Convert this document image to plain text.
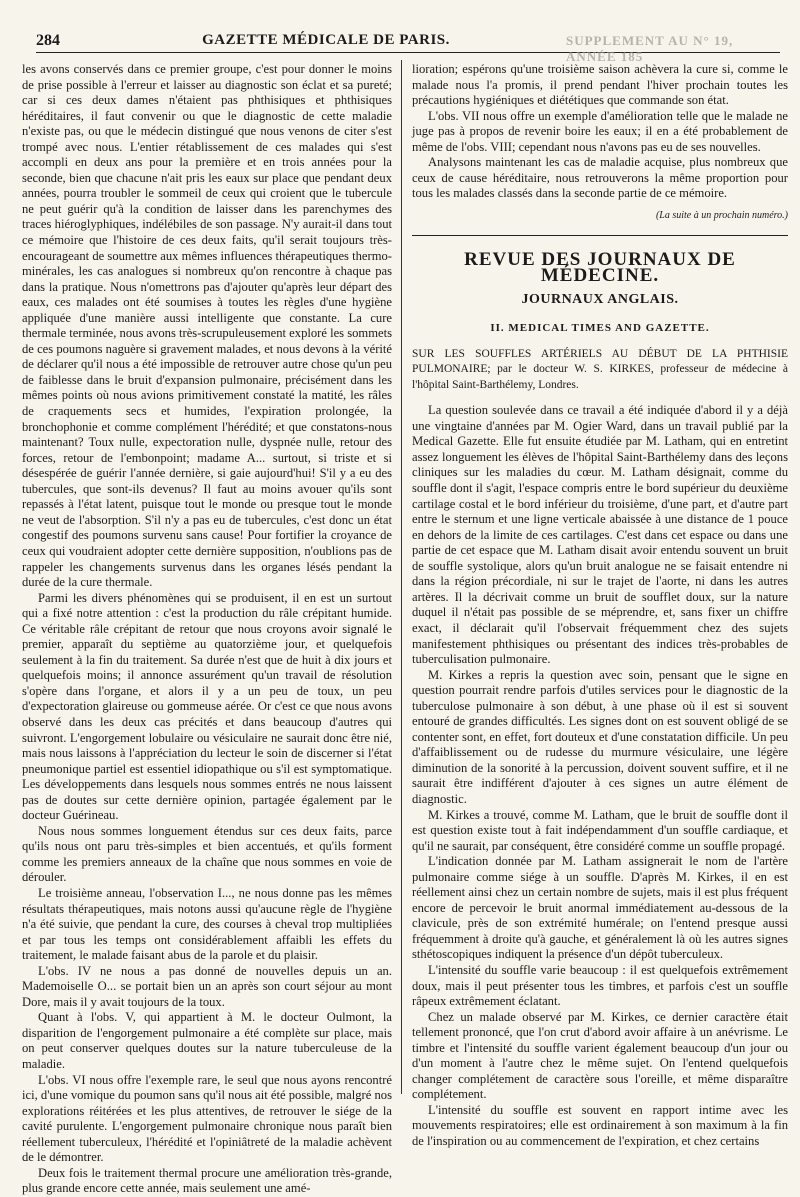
284	GAZETTE MÉDICALE DE PARIS.	SUPPLEMENT AU N° 19, ANNÉE 185

les avons conservés dans ce premier groupe, c'est pour donner le moins de prise possible à l'erreur et laisser au diagnostic son éclat et sa pureté; car si ces deux dames n'étaient pas phthisiques et phthisiques héréditaires, il faut convenir ou que le diagnostic de cette maladie n'existe pas, ou que le médecin distingué que nous venons de citer s'est trompé avec nous. L'entier rétablissement de ces malades qui s'est accompli en deux ans pour la première et en trois années pour la seconde, bien que chacune n'ait pris les eaux sur place que pendant deux années, pourra troubler le sommeil de ceux qui croient que le tubercule ne peut guérir qu'à la condition de laisser dans les parenchymes des traces hiéroglyphiques, indélébiles de son passage. N'y aurait-il dans tout ce mémoire que l'histoire de ces deux faits, qu'il serait toujours très-encourageant de soumettre aux mêmes influences thérapeutiques thermo-minérales, les cas analogues si nombreux qu'on rencontre à chaque pas dans la pratique. Nous n'omettrons pas d'ajouter qu'après leur départ des eaux, ces malades ont été soumises à toutes les règles d'une hygiène appliquée d'une manière aussi intelligente que constante. La cure thermale terminée, nous avons très-scrupuleusement exploré les sommets de ces poumons naguère si gravement malades, et nous devons à la vérité de déclarer qu'il nous a été impossible de retrouver autre chose qu'un peu de faiblesse dans le bruit d'expansion pulmonaire, précisément dans les mêmes points où nous avions primitivement constaté la matité, les râles de craquements secs et humides, l'expiration prolongée, la bronchophonie et comme complément l'hérédité; et que constatons-nous maintenant? Toux nulle, expectoration nulle, dyspnée nulle, retour des forces, retour de l'embonpoint; madame A... surtout, si triste et si désespérée de guérir l'année dernière, si gaie aujourd'hui! S'il y a eu des tubercules, que sont-ils devenus? Il faut au moins avouer qu'ils sont repassés à l'état latent, puisque tout le monde ou presque tout le monde ne veut de l'absorption. S'il n'y a pas eu de tubercules, c'est donc un état congestif des poumons survenu sans cause! Pour fortifier la croyance de ceux qui voudraient adopter cette dernière supposition, n'oublions pas de rappeler les changements survenus dans les organes lésés pendant la durée de la cure thermale.

Parmi les divers phénomènes qui se produisent, il en est un surtout qui a fixé notre attention : c'est la production du râle crépitant humide. Ce véritable râle crépitant de retour que nous croyons avoir signalé le premier, apparaît du septième au quatorzième jour, et quelquefois seulement à la fin du traitement. Sa durée n'est que de huit à dix jours et quelquefois moins; il annonce assurément qu'un travail de résolution s'opère dans l'organe, et alors il y a un peu de toux, un peu d'expectoration glaireuse ou gommeuse aérée. Or c'est ce que nous avons observé dans les deux cas précités et dans beaucoup d'autres qui suivront. L'engorgement lobulaire ou vésiculaire ne saurait donc être nié, mais nous laissons à l'appréciation du lecteur le soin de discerner si l'état pneumonique partiel est essentiel idiopathique ou s'il est symptomatique. Les développements dans lesquels nous sommes entrés ne nous laissent pas de doutes sur cette dernière opinion, partagée également par le docteur Guérineau.

Nous nous sommes longuement étendus sur ces deux faits, parce qu'ils nous ont paru très-simples et bien accentués, et qu'ils forment comme les premiers anneaux de la chaîne que nous sommes en voie de dérouler.

Le troisième anneau, l'observation I..., ne nous donne pas les mêmes résultats thérapeutiques, mais notons aussi qu'aucune règle de l'hygiène n'a été suivie, que pendant la cure, des courses à cheval trop multipliées et par tous les temps ont considérablement affaibli les effets du traitement, le malade faisant abus de la parole et du plaisir.

L'obs. IV ne nous a pas donné de nouvelles depuis un an. Mademoiselle O... se portait bien un an après son court séjour au mont Dore, mais il y avait toujours de la toux.

Quant à l'obs. V, qui appartient à M. le docteur Oulmont, la disparition de l'engorgement pulmonaire a été complète sur place, mais on peut conserver quelques doutes sur la nature tuberculeuse de la maladie.

L'obs. VI nous offre l'exemple rare, le seul que nous ayons rencontré ici, d'une vomique du poumon sans qu'il nous ait été possible, malgré nos explorations réitérées et les plus attentives, de retrouver le siége de la cavité purulente. L'engorgement pulmonaire chronique nous paraît bien réellement tuberculeux, l'hérédité et l'opiniâtreté de la maladie achèvent de le démontrer.

Deux fois le traitement thermal procure une amélioration très-grande, plus grande encore cette année, mais seulement une amé-

lioration; espérons qu'une troisième saison achèvera la cure si, comme le malade nous l'a promis, il prend pendant l'hiver prochain toutes les précautions hygiéniques et diététiques que commande son état.

L'obs. VII nous offre un exemple d'amélioration telle que le malade ne juge pas à propos de revenir boire les eaux; il en a été probablement de même de l'obs. VIII; cependant nous n'avons pas eu de ses nouvelles.

Analysons maintenant les cas de maladie acquise, plus nombreux que ceux de cause héréditaire, nous retrouverons la même proportion pour tous les malades classés dans la seconde partie de ce mémoire.

(La suite à un prochain numéro.)

REVUE DES JOURNAUX DE MÉDECINE.
JOURNAUX ANGLAIS.
II. MEDICAL TIMES AND GAZETTE.

SUR LES SOUFFLES ARTÉRIELS AU DÉBUT DE LA PHTHISIE PULMONAIRE; par le docteur W. S. KIRKES, professeur de médecine à l'hôpital Saint-Barthélemy, Londres.

La question soulevée dans ce travail a été indiquée d'abord il y a déjà une vingtaine d'années par M. Ogier Ward, dans un travail publié par la Medical Gazette. Elle fut ensuite étudiée par M. Latham, qui en entretint assez longuement les élèves de l'hôpital Saint-Barthélemy dans des leçons cliniques sur les maladies du cœur. M. Latham désignait, comme du souffle dont il s'agit, l'espace compris entre le bord supérieur du deuxième cartilage costal et le bord inférieur du troisième, d'une part, et d'autre part entre le sternum et une ligne verticale abaissée à une distance de 1 pouce en dehors de la limite de ces cartilages. C'est dans cet espace ou dans une partie de cet espace que M. Latham disait avoir entendu souvent un bruit de souffle systolique, alors qu'un bruit analogue ne se faisait entendre ni dans la région précordiale, ni sur le trajet de l'aorte, ni dans les autres artères. Il la décrivait comme un bruit de soufflet doux, sur la nature duquel il n'était pas possible de se méprendre, et, sans fixer un chiffre exact, il déclarait qu'il l'observait fréquemment chez des sujets manifestement phthisiques ou présentant des indices très-probables de tuberculisation pulmonaire.

M. Kirkes a repris la question avec soin, pensant que le signe en question pourrait rendre parfois d'utiles services pour le diagnostic de la tuberculose pulmonaire à son début, à une phase où il est si souvent entouré de grandes difficultés. Les signes dont on est souvent obligé de se contenter sont, en effet, fort douteux et d'une constatation difficile. Un peu d'affaiblissement ou de rudesse du murmure vésiculaire, une légère diminution de la sonorité à la percussion, doivent souvent suffire, et il ne saurait être indifférent d'ajouter à ces signes un autre élément de diagnostic.

M. Kirkes a trouvé, comme M. Latham, que le bruit de souffle dont il est question existe tout à fait indépendamment d'un souffle cardiaque, et qu'il ne saurait, par conséquent, être considéré comme un souffle propagé.

L'indication donnée par M. Latham assignerait le nom de l'artère pulmonaire comme siége à un souffle. D'après M. Kirkes, il en est réellement ainsi chez un certain nombre de sujets, mais il est plus fréquent encore de percevoir le bruit anormal immédiatement au-dessous de la clavicule, près de son extrémité humérale; on l'entend presque aussi fréquemment à droite qu'à gauche, et généralement là où les autres signes sthétoscopiques indiquent la présence d'un dépôt tuberculeux.

L'intensité du souffle varie beaucoup : il est quelquefois extrêmement doux, mais il peut présenter tous les timbres, et parfois c'est un souffle râpeux extrêmement éclatant.

Chez un malade observé par M. Kirkes, ce dernier caractère était tellement prononcé, que l'on crut d'abord avoir affaire à un anévrisme. Le timbre et l'intensité du souffle varient également beaucoup d'un jour ou d'un moment à l'autre chez le même sujet. On l'entend quelquefois changer complétement de caractère sous l'oreille, et même disparaître complétement.

L'intensité du souffle est souvent en rapport intime avec les mouvements respiratoires; elle est ordinairement à son maximum à la fin de l'inspiration ou au commencement de l'expiration, et chez certains
